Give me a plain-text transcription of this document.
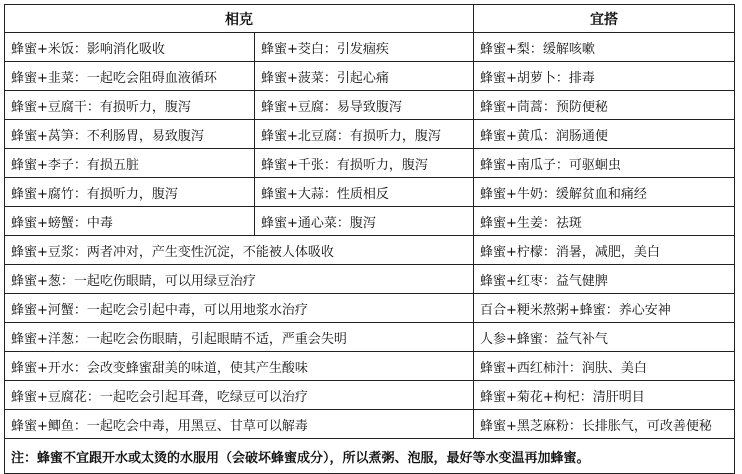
相克		宜搭
蜂蜜+米饭：影响消化吸收	蜂蜜+茭白：引发痼疾	蜂蜜+梨：缓解咳嗽
蜂蜜+韭菜：一起吃会阻碍血液循环	蜂蜜+菠菜：引起心痛	蜂蜜+胡萝卜：排毒
蜂蜜+豆腐干：有损听力，腹泻	蜂蜜+豆腐：易导致腹泻	蜂蜜+茼蒿：预防便秘
蜂蜜+莴笋：不利肠胃，易致腹泻	蜂蜜+北豆腐：有损听力，腹泻	蜂蜜+黄瓜：润肠通便
蜂蜜+李子：有损五脏	蜂蜜+千张：有损听力，腹泻	蜂蜜+南瓜子：可驱蛔虫
蜂蜜+腐竹：有损听力，腹泻	蜂蜜+大蒜：性质相反	蜂蜜+牛奶：缓解贫血和痛经
蜂蜜+螃蟹：中毒	蜂蜜+通心菜：腹泻	蜂蜜+生姜：祛斑
蜂蜜+豆浆：两者冲对，产生变性沉淀，不能被人体吸收		蜂蜜+柠檬：消暑，减肥，美白
蜂蜜+葱：一起吃伤眼睛，可以用绿豆治疗		蜂蜜+红枣：益气健脾
蜂蜜+河蟹：一起吃会引起中毒，可以用地浆水治疗		百合+粳米熬粥+蜂蜜：养心安神
蜂蜜+洋葱：一起吃会伤眼睛，引起眼睛不适，严重会失明		人参+蜂蜜：益气补气
蜂蜜+开水：会改变蜂蜜甜美的味道，使其产生酸味		蜂蜜+西红柿汁：润肤、美白
蜂蜜+豆腐花：一起吃会引起耳聋，吃绿豆可以治疗		蜂蜜+菊花+枸杞：清肝明目
蜂蜜+鲫鱼：一起吃会中毒，用黑豆、甘草可以解毒		蜂蜜+黑芝麻粉：长排胀气，可改善便秘
注：蜂蜜不宜跟开水或太烫的水服用（会破坏蜂蜜成分），所以煮粥、泡服，最好等水变温再加蜂蜜。		
